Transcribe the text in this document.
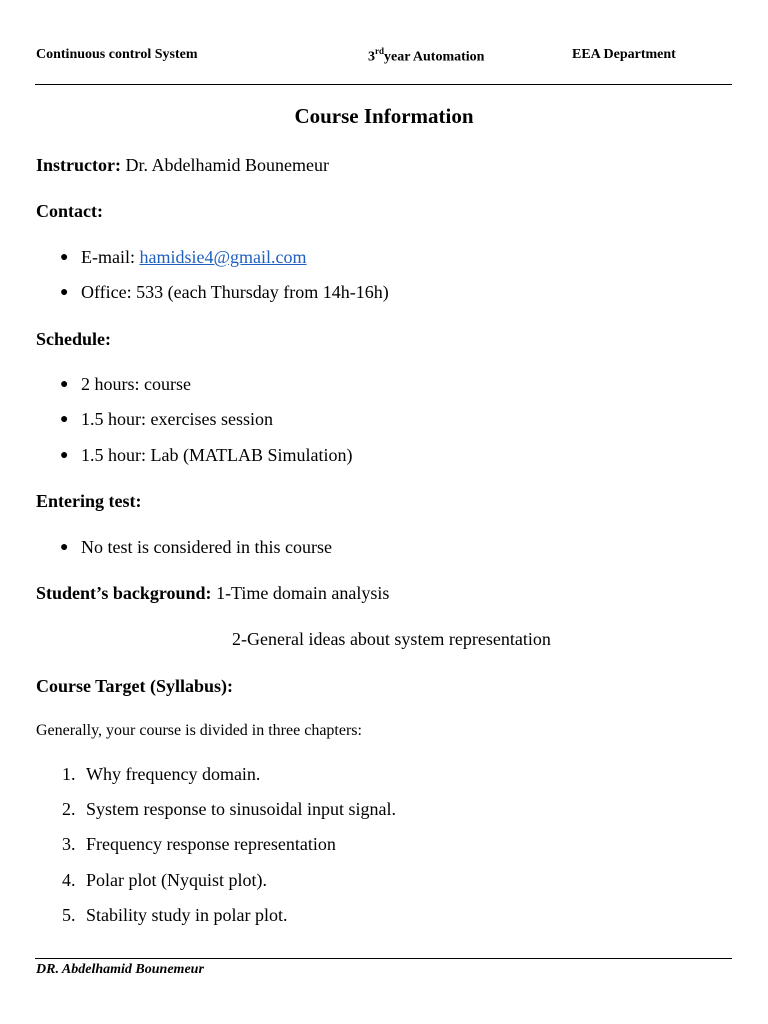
Continuous control System	3rdyear Automation	EEA Department
Course Information
Instructor: Dr. Abdelhamid Bounemeur
Contact:
● E-mail: hamidsie4@gmail.com
● Office: 533 (each Thursday from 14h-16h)
Schedule:
● 2 hours: course
● 1.5 hour: exercises session
● 1.5 hour: Lab (MATLAB Simulation)
Entering test:
● No test is considered in this course
Student’s background: 1-Time domain analysis
2-General ideas about system representation
Course Target (Syllabus):
Generally, your course is divided in three chapters:
1. Why frequency domain.
2. System response to sinusoidal input signal.
3. Frequency response representation
4. Polar plot (Nyquist plot).
5. Stability study in polar plot.
DR. Abdelhamid Bounemeur
